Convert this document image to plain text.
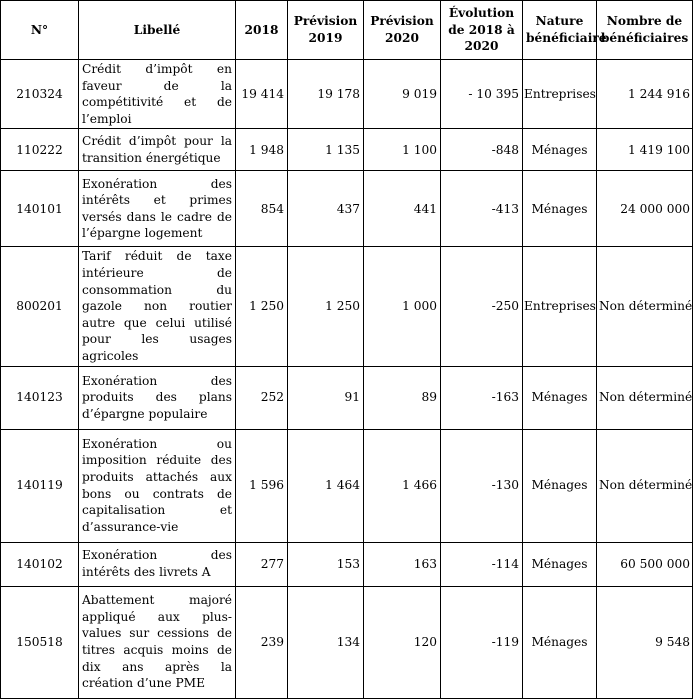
N°	Libellé	2018	Prévision 2019	Prévision 2020	Évolution de 2018 à 2020	Nature bénéficiaire	Nombre de bénéficiaires
210324	Crédit d’impôt en faveur de la compétitivité et de l’emploi	19 414	19 178	9 019	- 10 395	Entreprises	1 244 916
110222	Crédit d’impôt pour la transition énergétique	1 948	1 135	1 100	-848	Ménages	1 419 100
140101	Exonération des intérêts et primes versés dans le cadre de l’épargne logement	854	437	441	-413	Ménages	24 000 000
800201	Tarif réduit de taxe intérieure de consommation du gazole non routier autre que celui utilisé pour les usages agricoles	1 250	1 250	1 000	-250	Entreprises	Non déterminé
140123	Exonération des produits des plans d’épargne populaire	252	91	89	-163	Ménages	Non déterminé
140119	Exonération ou imposition réduite des produits attachés aux bons ou contrats de capitalisation et d’assurance-vie	1 596	1 464	1 466	-130	Ménages	Non déterminé
140102	Exonération des intérêts des livrets A	277	153	163	-114	Ménages	60 500 000
150518	Abattement majoré appliqué aux plus-values sur cessions de titres acquis moins de dix ans après la création d’une PME	239	134	120	-119	Ménages	9 548
